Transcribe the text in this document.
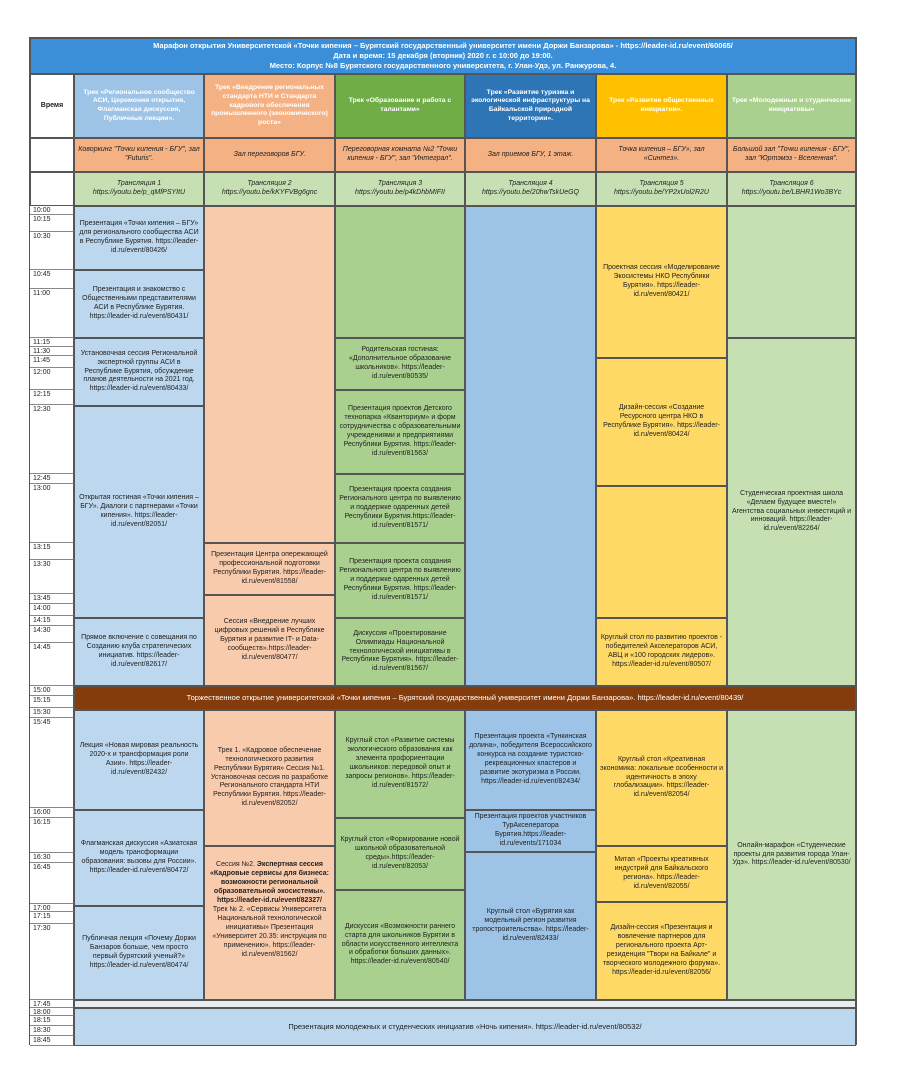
Марафон открытия Университетской «Точки кипения – Бурятский государственный университет имени Доржи Банзарова» - https://leader-id.ru/event/60065/
Дата и время: 15 декабря (вторник) 2020 г. с 10:00 до 19:00.
Место: Корпус №8 Бурятского государственного университета, г. Улан-Удэ, ул. Ранжурова, 4.
Время
Трек «Региональное сообщество АСИ, Церемония открытия, Флагманская дискуссия, Публичные лекции».
Трек «Внедрение региональных стандарта НТИ и Стандарта кадрового обеспечения промышленного (экономического) роста»
Трек «Образование и работа с талантами»
Трек «Развитие туризма и экологической инфраструктуры на Байкальской природной территории».
Трек «Развитие общественных инициатив».
Трек «Молодежные и студенческие инициативы»
Коворкинг "Точки кипения - БГУ", зал "Futuris".
Зал переговоров БГУ.
Переговорная комната №2 "Точки кипения - БГУ", зал "Интеграл".
Зал приемов БГУ, 1 этаж.
Точка кипения – БГУ», зал «Синтез».
Большой зал "Точки кипения - БГУ", зал "Юртэмэз - Вселенная".
Трансляция 1
https://youtu.be/p_qMfPSYItU
Трансляция 2
https://youtu.be/kKYFVBg6gnc
Трансляция 3
https://youtu.be/p4kDhbMIFII
Трансляция 4
https://youtu.be/20hwTskUeGQ
Трансляция 5
https://youtu.be/YP2xUol2R2U
Трансляция 6
https://youtu.be/LBHR1Wo3BYc
10:00
10:15
10:30
10:45
11:00
11:15
11:30
11:45
12:00
12:15
12:30
12:45
13:00
13:15
13:30
13:45
14:00
14:15
14:30
14:45
15:00
15:15
15:30
15:45
16:00
16:15
16:30
16:45
17:00
17:15
17:30
17:45
18:00
18:15
18:30
18:45
Презентация «Точки кипения – БГУ» для регионального сообщества АСИ в Республике Бурятия. https://leader-id.ru/event/80426/
Презентация и знакомство с Общественными представителями АСИ в Республике Бурятия. https://leader-id.ru/event/80431/
Установочная сессия Региональной экспертной группы АСИ в Республике Бурятия, обсуждение планов деятельности на 2021 год. https://leader-id.ru/event/80433/
Открытая гостиная «Точки кипения – БГУ». Диалоги с партнерами «Точки кипения». https://leader-id.ru/event/82051/
Прямое включение с совещания по Созданию клуба стратегических инициатив. https://leader-id.ru/event/82617/
Лекция «Новая мировая реальность 2020-х и трансформация роли Азии». https://leader-id.ru/event/82432/
Флагманская дискуссия «Азиатская модель трансформации образования: вызовы для России». https://leader-id.ru/event/80472/
Публичная лекция «Почему Доржи Банзаров больше, чем просто первый бурятский ученый?» https://leader-id.ru/event/80474/
Презентация Центра опережающей профессиональной подготовки Республики Бурятия. https://leader-id.ru/event/81558/
Сессия «Внедрение лучших цифровых решений в Республике Бурятия и развитие IT- и Data-сообществ».https://leader-id.ru/event/80477/
Трек 1. «Кадровое обеспечение технологического развития Республики Бурятия» Сессия №1. Установочная сессия по разработке Регионального стандарта НТИ Республики Бурятия. https://leader-id.ru/event/82052/
Сессия №2. Экспертная сессия «Кадровые сервисы для бизнеса: возможности региональной образовательной экосистемы». https://leader-id.ru/event/82327/
Трек № 2. «Сервисы Университета Национальной технологической инициативы» Презентация «Университет 20.35: инструкция по применению». https://leader-id.ru/event/81562/
Родительская гостиная: «Дополнительное образование школьников». https://leader-id.ru/event/80535/
Презентация проектов Детского технопарка «Кванториум» и форм сотрудничества с образовательными учреждениями и предприятиями Республики Бурятия. https://leader-id.ru/event/81563/
Презентация проекта создания Регионального центра по выявлению и поддержке одаренных детей Республики Бурятия.https://leader-id.ru/event/81571/
Презентация проекта создания Регионального центра по выявлению и поддержке одаренных детей Республики Бурятия. https://leader-id.ru/event/81571/
Дискуссия «Проектирование Олимпиады Национальной технологической инициативы в Республике Бурятия». https://leader-id.ru/event/81567/
Круглый стол «Развитие системы экологического образования как элемента профориентации школьников: передовой опыт и запросы регионов». https://leader-id.ru/event/81572/
Круглый стол «Формирование новой школьной образовательной среды».https://leader-id.ru/event/82053/
Дискуссия «Возможности раннего старта для школьников Бурятии в области искусственного интеллекта и обработки больших данных». https://leader-id.ru/event/80540/
Презентация проекта «Тункинская долина», победителя Всероссийского конкурса на создание туристско-рекреационных кластеров и развитие экотуризма в России. https://leader-id.ru/event/82434/
Презентация проектов участников ТурАкселератора Бурятия.https://leader-id.ru/events/171034
Круглый стол «Бурятия как модельный регион развития тропостроительства». https://leader-id.ru/event/82433/
Проектная сессия «Моделирование Экосистемы НКО Республики Бурятия». https://leader-id.ru/event/80421/
Дизайн-сессия «Создание Ресурсного центра НКО в Республике Бурятия». https://leader-id.ru/event/80424/
Круглый стол по развитию проектов - победителей Акселераторов АСИ, АВЦ и «100 городских лидеров». https://leader-id.ru/event/80507/
Круглый стол «Креативная экономика: локальные особенности и идентичность в эпоху глобализации». https://leader-id.ru/event/82054/
Митап «Проекты креативных индустрий для Байкальского региона». https://leader-id.ru/event/82055/
Дизайн-сессия «Презентация и вовлечение партнеров для регионального проекта Арт-резиденция "Твори на Байкале" и творческого молодежного форума». https://leader-id.ru/event/82056/
Студенческая проектная школа «Делаем будущее вместе!» Агентства социальных инвестиций и инноваций. https://leader-id.ru/event/82264/
Онлайн-марафон «Студенческие проекты для развития города Улан-Удэ». https://leader-id.ru/event/80530/
Торжественное открытие университетской «Точки кипения – Бурятский государственный университет имени Доржи Банзарова». https://leader-id.ru/event/80439/
Презентация молодежных и студенческих инициатив «Ночь кипения». https://leader-id.ru/event/80532/
